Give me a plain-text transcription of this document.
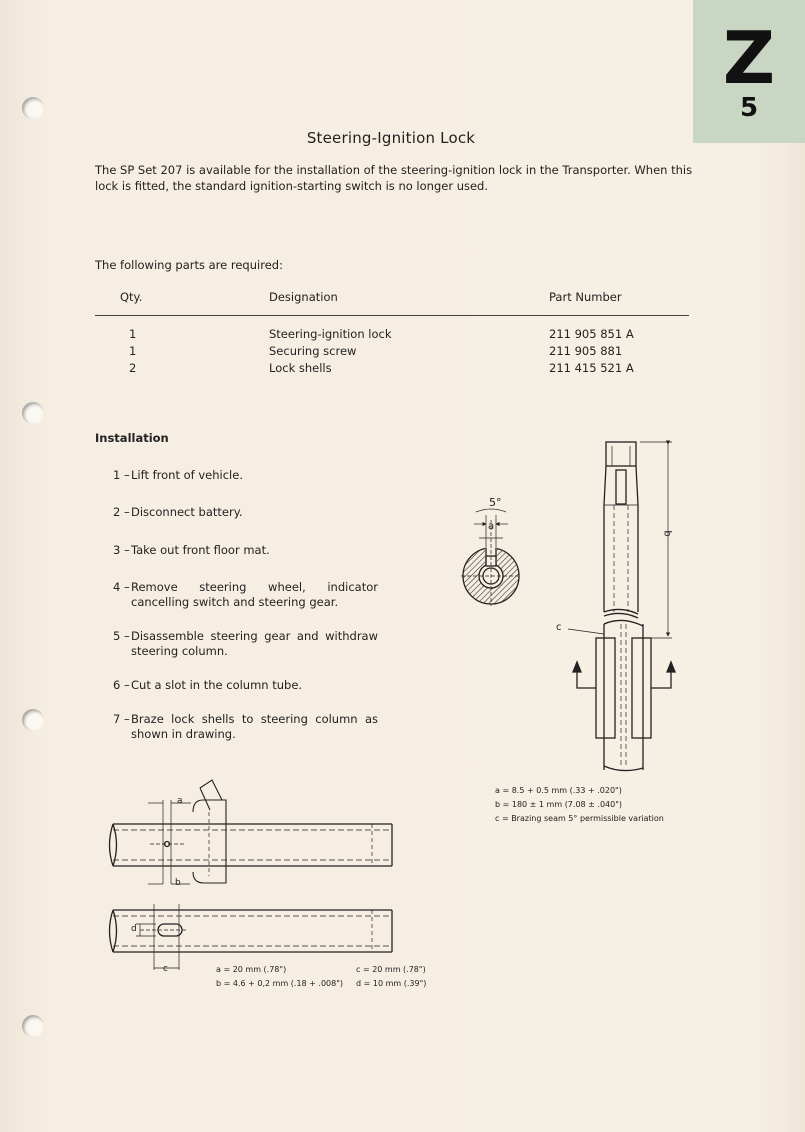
Z
5
Steering-Ignition Lock
The SP Set 207 is available for the installation of the steering-ignition lock in the Transporter. When this lock is fitted, the standard ignition-starting switch is no longer used.
The following parts are required:
Qty.	Designation	Part Number
1	Steering-ignition lock	211 905 851 A
1	Securing screw	211 905 881
2	Lock shells	211 415 521 A
Installation
1 – Lift front of vehicle.
2 – Disconnect battery.
3 – Take out front floor mat.
4 – Remove steering wheel, indicator cancelling switch and steering gear.
5 – Disassemble steering gear and withdraw steering column.
6 – Cut a slot in the column tube.
7 – Braze lock shells to steering column as shown in drawing.
5°
a
b
c
a = 8.5 + 0.5 mm (.33 + .020")
b = 180 ± 1 mm (7.08 ± .040")
c = Brazing seam 5° permissible variation
a
b
c
d
a = 20 mm (.78")
b = 4.6 + 0,2 mm (.18 + .008")
c = 20 mm (.78")
d = 10 mm (.39")
